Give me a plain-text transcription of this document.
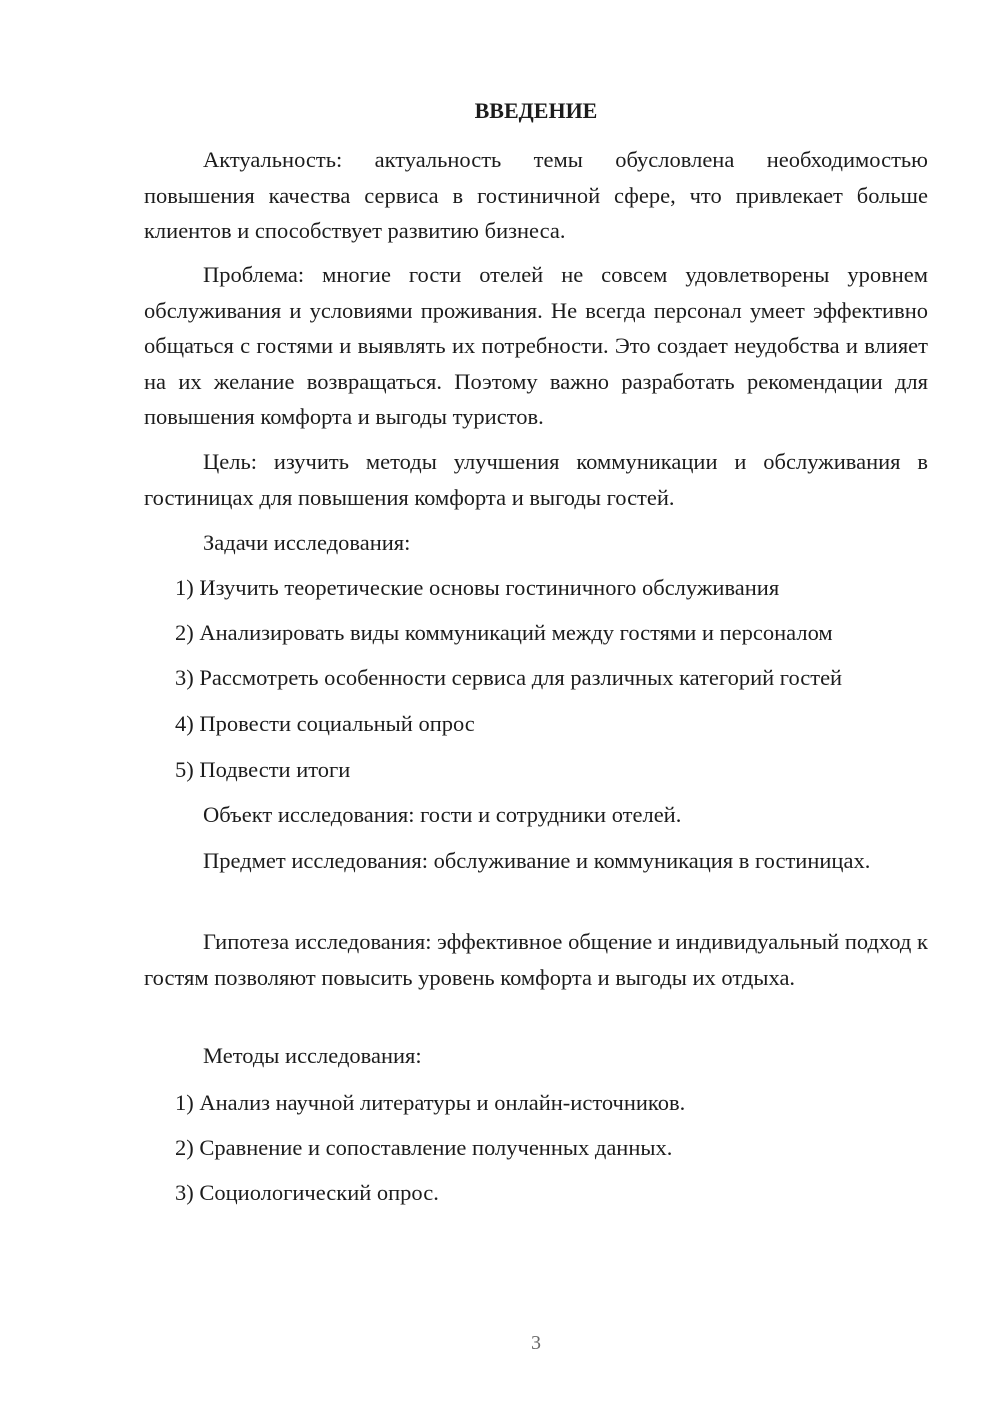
ВВЕДЕНИЕ

Актуальность: актуальность темы обусловлена необходимостью повышения качества сервиса в гостиничной сфере, что привлекает больше клиентов и способствует развитию бизнеса.

Проблема: многие гости отелей не совсем удовлетворены уровнем обслуживания и условиями проживания. Не всегда персонал умеет эффективно общаться с гостями и выявлять их потребности. Это создает неудобства и влияет на их желание возвращаться. Поэтому важно разработать рекомендации для повышения комфорта и выгоды туристов.

Цель: изучить методы улучшения коммуникации и обслуживания в гостиницах для повышения комфорта и выгоды гостей.

Задачи исследования:
1) Изучить теоретические основы гостиничного обслуживания
2) Анализировать виды коммуникаций между гостями и персоналом
3) Рассмотреть особенности сервиса для различных категорий гостей
4) Провести социальный опрос
5) Подвести итоги
Объект исследования: гости и сотрудники отелей.

Предмет исследования: обслуживание и коммуникация в гостиницах.

Гипотеза исследования: эффективное общение и индивидуальный подход к гостям позволяют повысить уровень комфорта и выгоды их отдыха.

Методы исследования:
1) Анализ научной литературы и онлайн-источников.
2) Сравнение и сопоставление полученных данных.
3) Социологический опрос.
3
